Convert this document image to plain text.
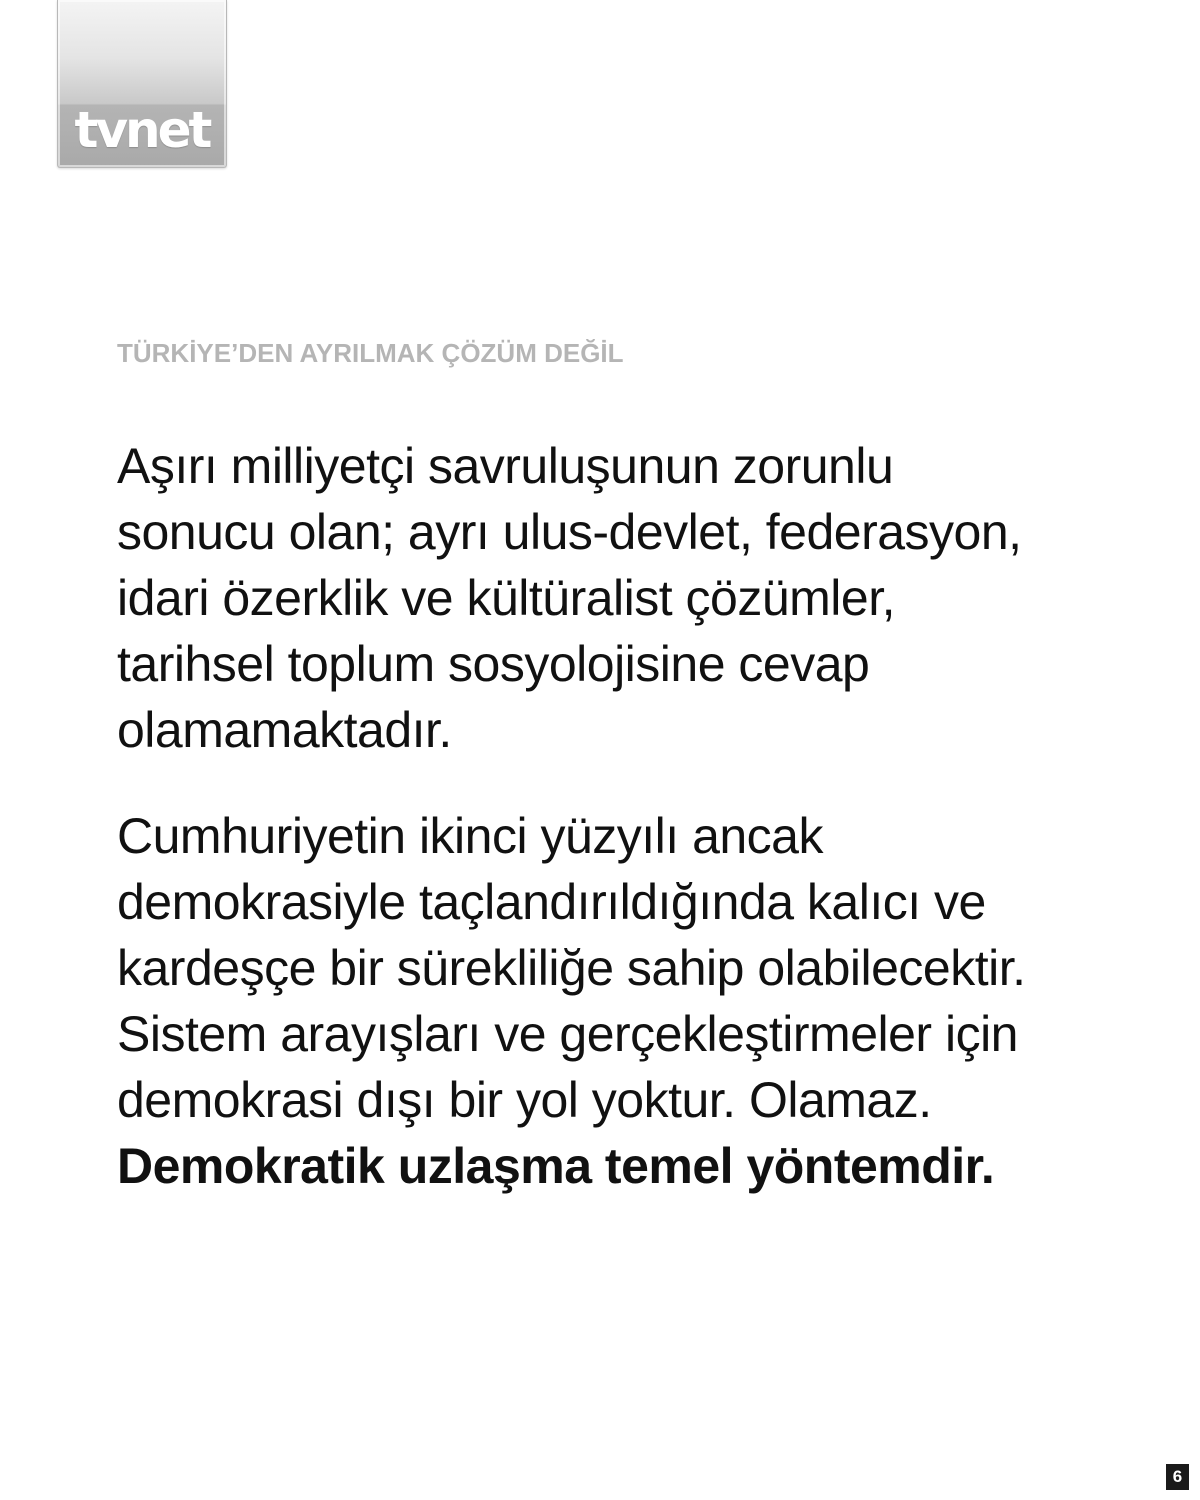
tvnet
TÜRKİYE’DEN AYRILMAK ÇÖZÜM DEĞİL

Aşırı milliyetçi savruluşunun zorunlu sonucu olan; ayrı ulus-devlet, federasyon, idari özerklik ve kültüralist çözümler, tarihsel toplum sosyolojisine cevap olamamaktadır.

Cumhuriyetin ikinci yüzyılı ancak demokrasiyle taçlandırıldığında kalıcı ve kardeşçe bir sürekliliğe sahip olabilecektir. Sistem arayışları ve gerçekleştirmeler için demokrasi dışı bir yol yoktur. Olamaz. Demokratik uzlaşma temel yöntemdir.

6
